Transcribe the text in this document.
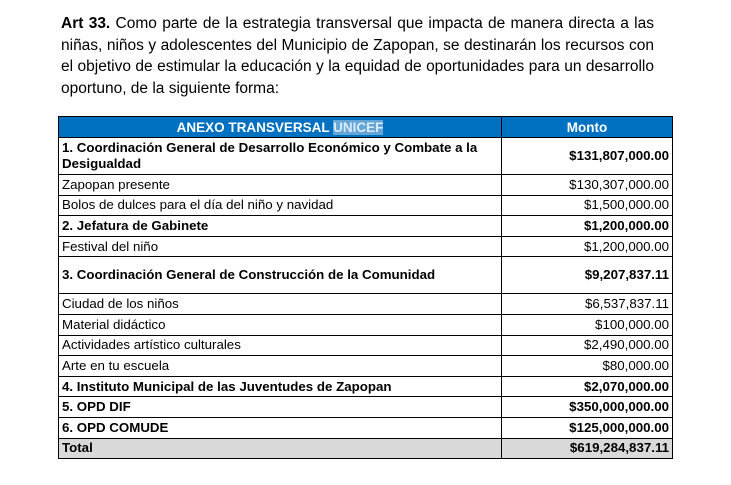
Art 33. Como parte de la estrategia transversal que impacta de manera directa a las niñas, niños y adolescentes del Municipio de Zapopan, se destinarán los recursos con el objetivo de estimular la educación y la equidad de oportunidades para un desarrollo oportuno, de la siguiente forma:

ANEXO TRANSVERSAL UNICEF	Monto
1. Coordinación General de Desarrollo Económico y Combate a la Desigualdad	$131,807,000.00
Zapopan presente	$130,307,000.00
Bolos de dulces para el día del niño y navidad	$1,500,000.00
2. Jefatura de Gabinete	$1,200,000.00
Festival del niño	$1,200,000.00
3. Coordinación General de Construcción de la Comunidad	$9,207,837.11
Ciudad de los niños	$6,537,837.11
Material didáctico	$100,000.00
Actividades artístico culturales	$2,490,000.00
Arte en tu escuela	$80,000.00
4. Instituto Municipal de las Juventudes de Zapopan	$2,070,000.00
5. OPD DIF	$350,000,000.00
6. OPD COMUDE	$125,000,000.00
Total	$619,284,837.11
